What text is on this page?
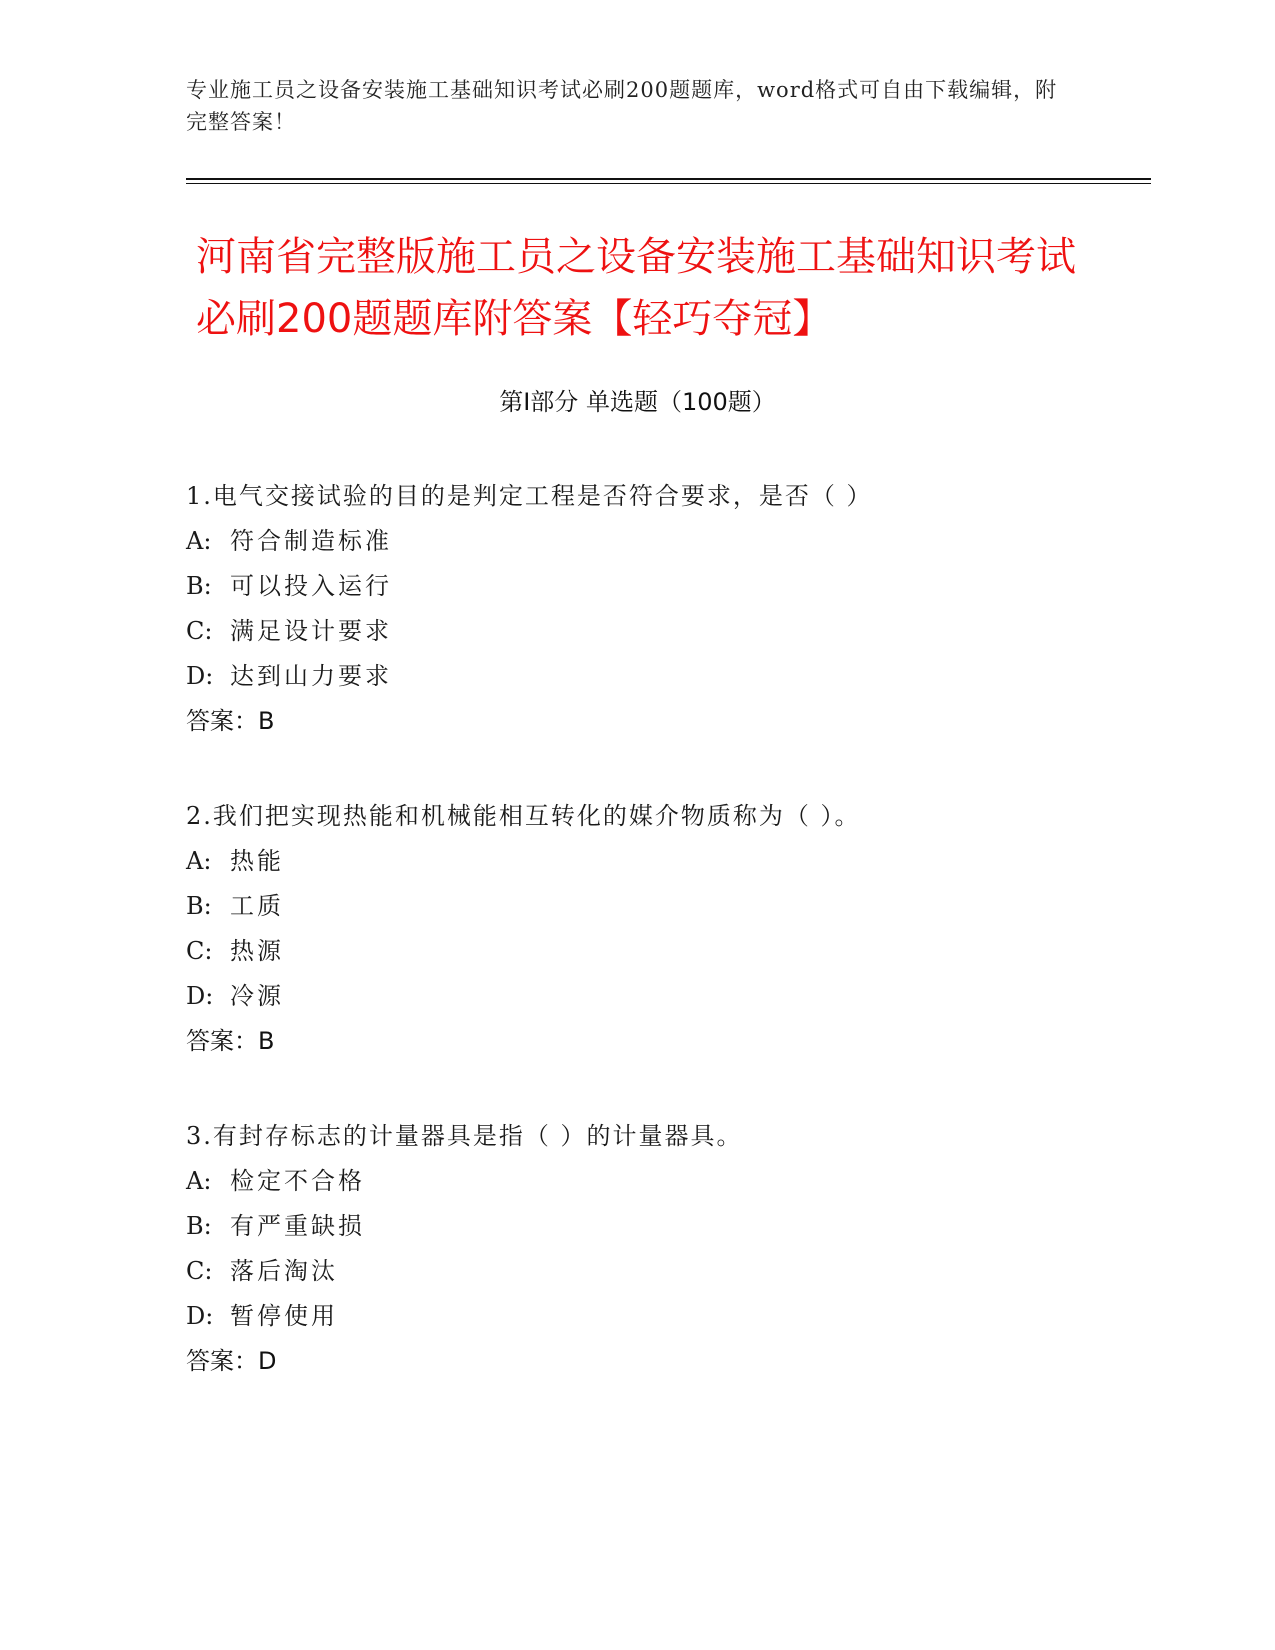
专业施工员之设备安装施工基础知识考试必刷200题题库，word格式可自由下载编辑，附完整答案！
河南省完整版施工员之设备安装施工基础知识考试必刷200题题库附答案【轻巧夺冠】
第I部分 单选题（100题）
1.电气交接试验的目的是判定工程是否符合要求，是否（ ）
A: 符合制造标准
B: 可以投入运行
C: 满足设计要求
D: 达到山力要求
答案：B
2.我们把实现热能和机械能相互转化的媒介物质称为（ ）。
A: 热能
B: 工质
C: 热源
D: 冷源
答案：B
3.有封存标志的计量器具是指（ ）的计量器具。
A: 检定不合格
B: 有严重缺损
C: 落后淘汰
D: 暂停使用
答案：D
